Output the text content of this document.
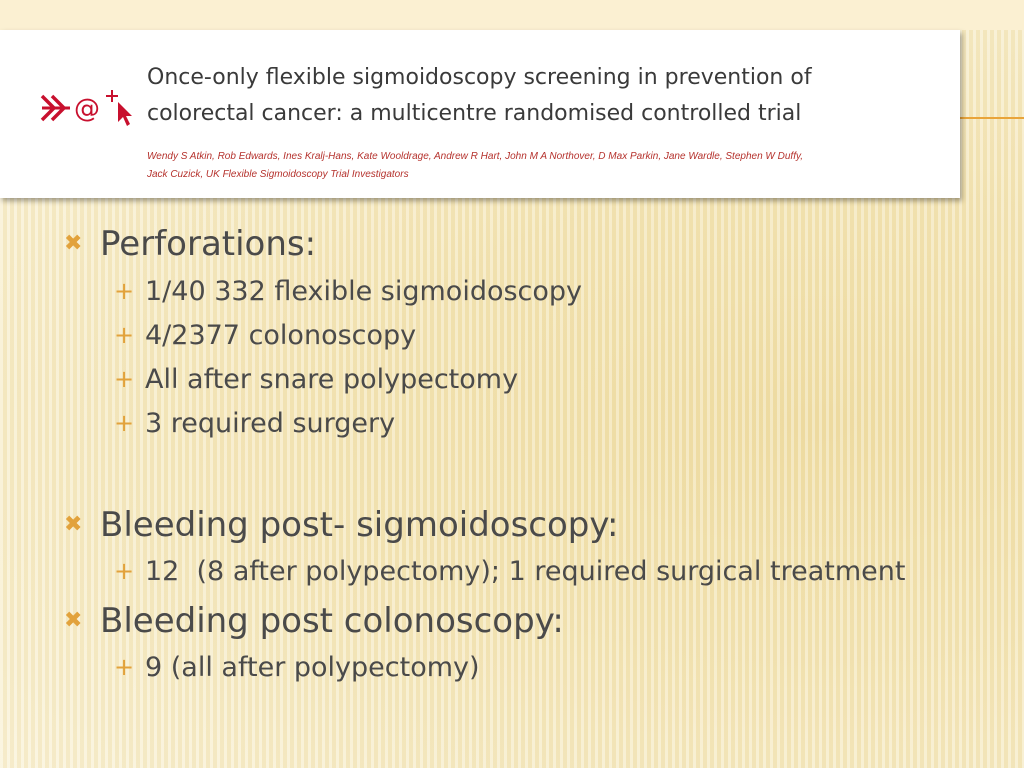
@
Once-only flexible sigmoidoscopy screening in prevention of
colorectal cancer: a multicentre randomised controlled trial
Wendy S Atkin, Rob Edwards, Ines Kralj-Hans, Kate Wooldrage, Andrew R Hart, John M A Northover, D Max Parkin, Jane Wardle, Stephen W Duffy,
Jack Cuzick, UK Flexible Sigmoidoscopy Trial Investigators
✖ Perforations:
+ 1/40 332 flexible sigmoidoscopy
+ 4/2377 colonoscopy
+ All after snare polypectomy
+ 3 required surgery
✖ Bleeding post- sigmoidoscopy:
+ 12  (8 after polypectomy); 1 required surgical treatment
✖ Bleeding post colonoscopy:
+ 9 (all after polypectomy)
